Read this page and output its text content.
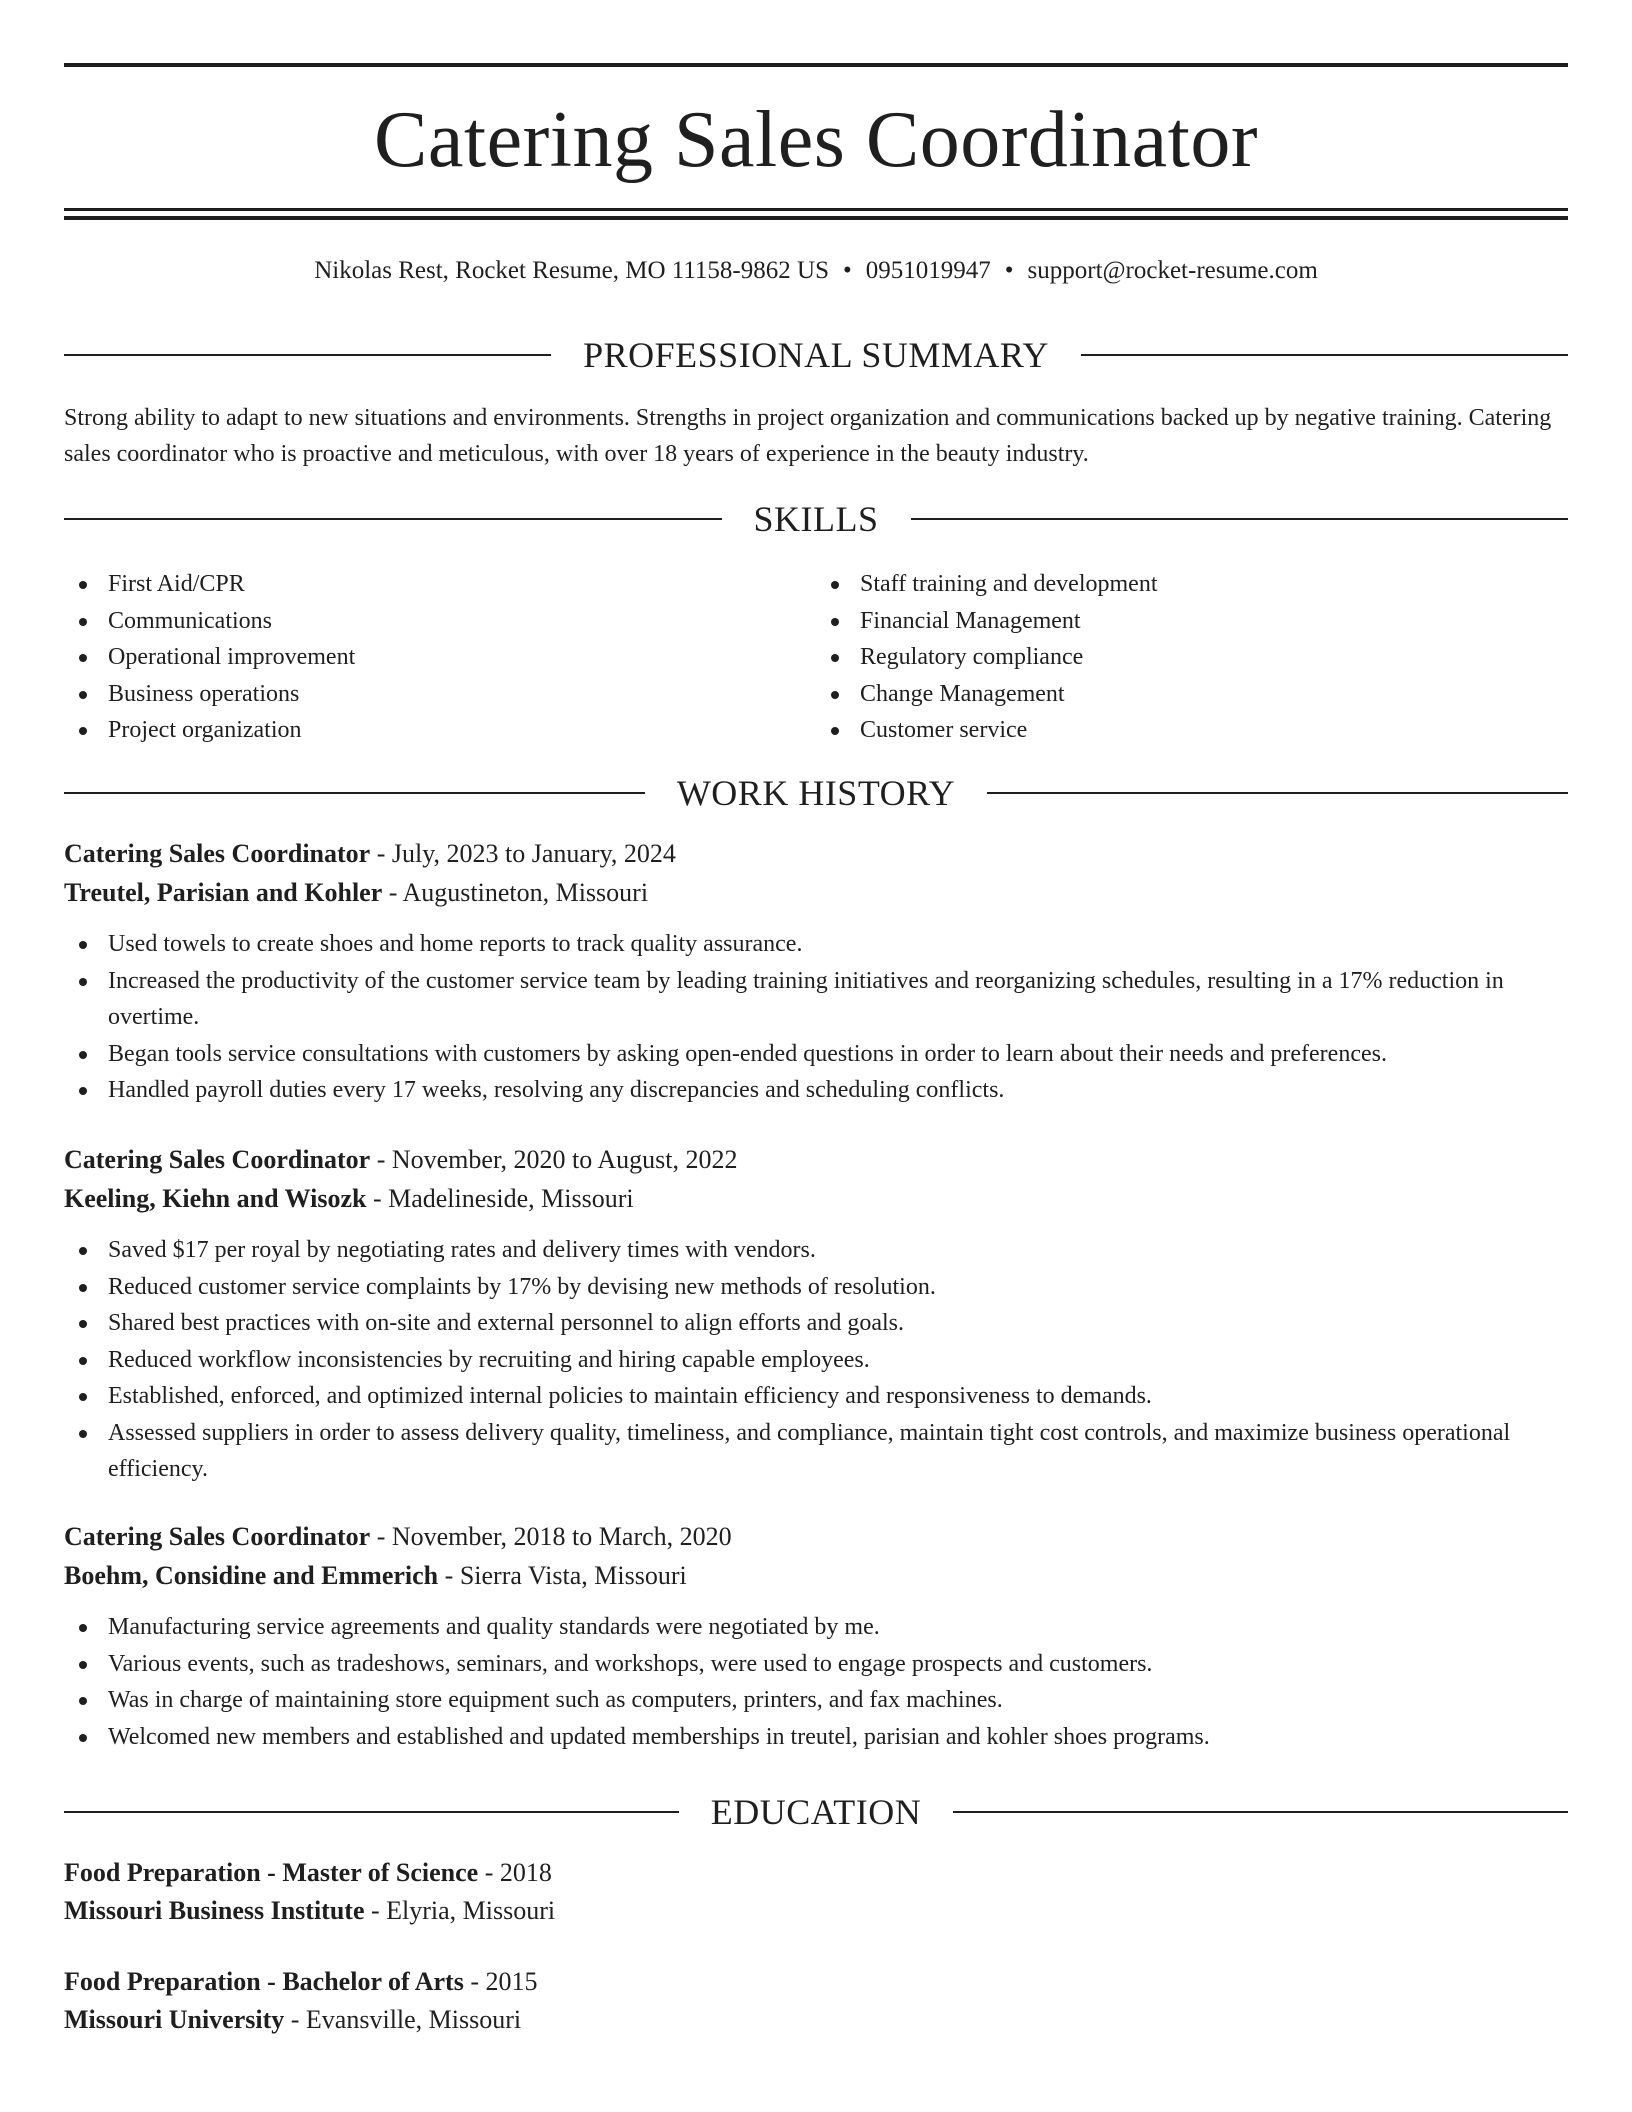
Catering Sales Coordinator
Nikolas Rest, Rocket Resume, MO 11158-9862 US • 0951019947 • support@rocket-resume.com
PROFESSIONAL SUMMARY

Strong ability to adapt to new situations and environments. Strengths in project organization and communications backed up by negative training. Catering sales coordinator who is proactive and meticulous, with over 18 years of experience in the beauty industry.

SKILLS
First Aid/CPR
Communications
Operational improvement
Business operations
Project organization
Staff training and development
Financial Management
Regulatory compliance
Change Management
Customer service
WORK HISTORY
Catering Sales Coordinator - July, 2023 to January, 2024
Treutel, Parisian and Kohler - Augustineton, Missouri
Used towels to create shoes and home reports to track quality assurance.
Increased the productivity of the customer service team by leading training initiatives and reorganizing schedules, resulting in a 17% reduction in overtime.
Began tools service consultations with customers by asking open-ended questions in order to learn about their needs and preferences.
Handled payroll duties every 17 weeks, resolving any discrepancies and scheduling conflicts.
Catering Sales Coordinator - November, 2020 to August, 2022
Keeling, Kiehn and Wisozk - Madelineside, Missouri
Saved $17 per royal by negotiating rates and delivery times with vendors.
Reduced customer service complaints by 17% by devising new methods of resolution.
Shared best practices with on-site and external personnel to align efforts and goals.
Reduced workflow inconsistencies by recruiting and hiring capable employees.
Established, enforced, and optimized internal policies to maintain efficiency and responsiveness to demands.
Assessed suppliers in order to assess delivery quality, timeliness, and compliance, maintain tight cost controls, and maximize business operational efficiency.
Catering Sales Coordinator - November, 2018 to March, 2020
Boehm, Considine and Emmerich - Sierra Vista, Missouri
Manufacturing service agreements and quality standards were negotiated by me.
Various events, such as tradeshows, seminars, and workshops, were used to engage prospects and customers.
Was in charge of maintaining store equipment such as computers, printers, and fax machines.
Welcomed new members and established and updated memberships in treutel, parisian and kohler shoes programs.
EDUCATION
Food Preparation - Master of Science - 2018
Missouri Business Institute - Elyria, Missouri
Food Preparation - Bachelor of Arts - 2015
Missouri University - Evansville, Missouri
